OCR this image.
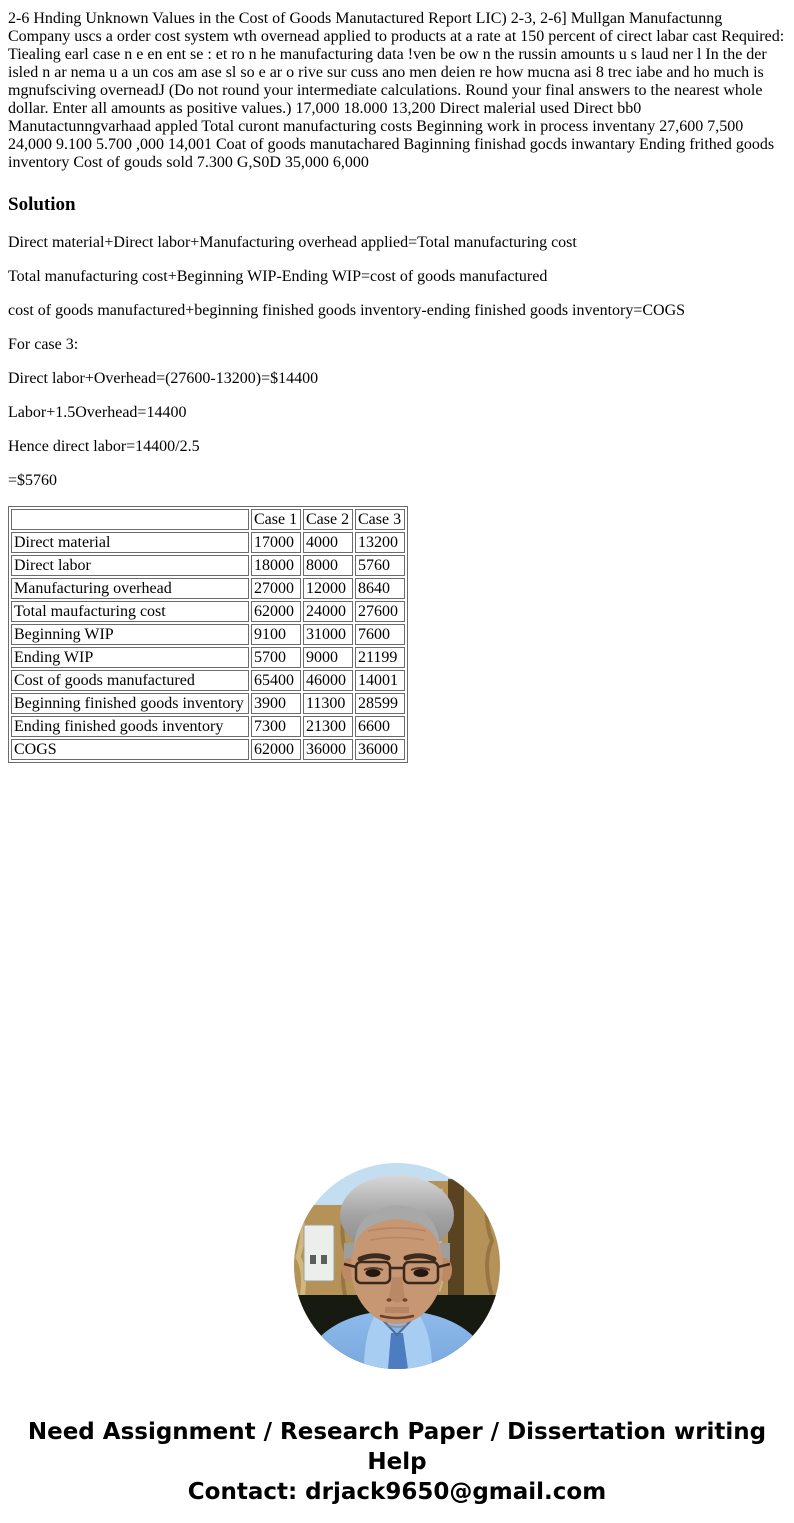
2-6 Hnding Unknown Values in the Cost of Goods Manutactured Report LIC) 2-3, 2-6] Mullgan Manufactunng Company uscs a order cost system wth overnead applied to products at a rate at 150 percent of cirect labar cast Required: Tiealing earl case n e en ent se : et ro n he manufacturing data !ven be ow n the russin amounts u s laud ner l In the der isled n ar nema u a un cos am ase sl so e ar o rive sur cuss ano men deien re how mucna asi 8 trec iabe and ho much is mgnufsciving overneadJ (Do not round your intermediate calculations. Round your final answers to the nearest whole dollar. Enter all amounts as positive values.) 17,000 18.000 13,200 Direct malerial used Direct bb0 Manutactunngvarhaad appled Total curont manufacturing costs Beginning work in process inventany 27,600 7,500 24,000 9.100 5.700 ,000 14,001 Coat of goods manutachared Baginning finishad gocds inwantary Ending frithed goods inventory Cost of gouds sold 7.300 G,S0D 35,000 6,000

Solution

Direct material+Direct labor+Manufacturing overhead applied=Total manufacturing cost

Total manufacturing cost+Beginning WIP-Ending WIP=cost of goods manufactured

cost of goods manufactured+beginning finished goods inventory-ending finished goods inventory=COGS

For case 3:

Direct labor+Overhead=(27600-13200)=$14400

Labor+1.5Overhead=14400

Hence direct labor=14400/2.5

=$5760

	Case 1	Case 2	Case 3
Direct material	17000	4000	13200
Direct labor	18000	8000	5760
Manufacturing overhead	27000	12000	8640
Total maufacturing cost	62000	24000	27600
Beginning WIP	9100	31000	7600
Ending WIP	5700	9000	21199
Cost of goods manufactured	65400	46000	14001
Beginning finished goods inventory	3900	11300	28599
Ending finished goods inventory	7300	21300	6600
COGS	62000	36000	36000
Need Assignment / Research Paper / Dissertation writing Help
Contact: drjack9650@gmail.com
